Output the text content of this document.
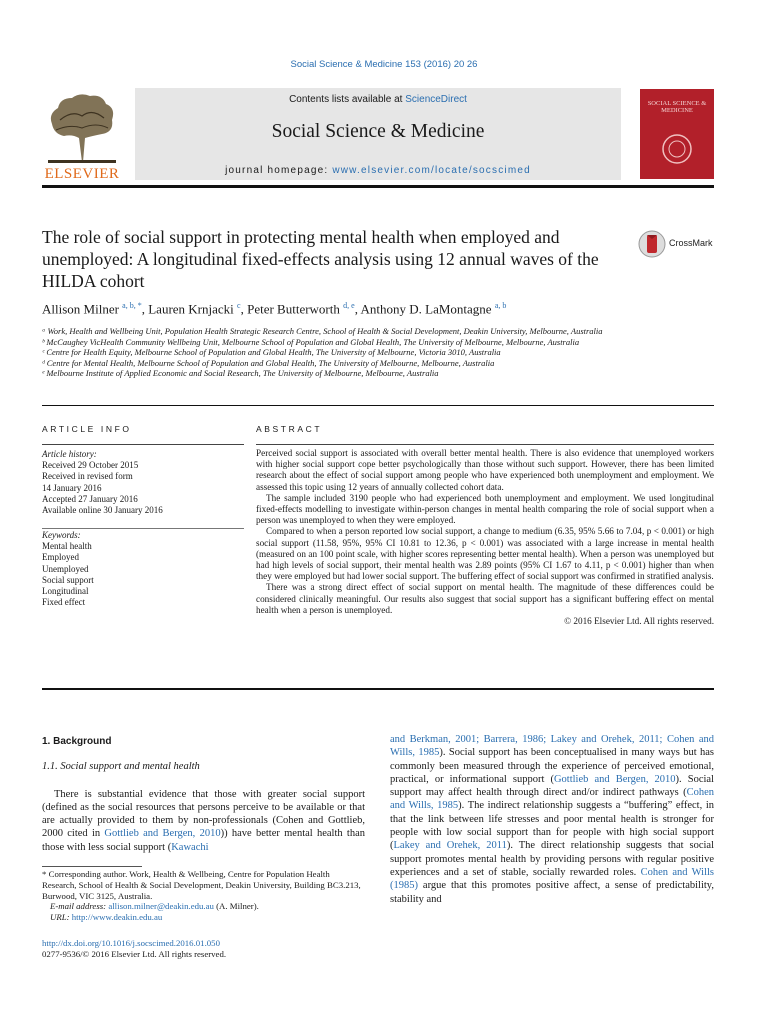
Social Science & Medicine 153 (2016) 20 26
ELSEVIER
Contents lists available at ScienceDirect
Social Science & Medicine
journal homepage: www.elsevier.com/locate/socscimed
SOCIAL SCIENCE & MEDICINE
The role of social support in protecting mental health when employed and unemployed: A longitudinal fixed-effects analysis using 12 annual waves of the HILDA cohort
CrossMark
Allison Milner $^{a, b, *}$, Lauren Krnjacki $^c$, Peter Butterworth $^{d, e}$, Anthony D. LaMontagne $^{a, b}$
ᵃ Work, Health and Wellbeing Unit, Population Health Strategic Research Centre, School of Health & Social Development, Deakin University, Melbourne, Australia
ᵇ McCaughey VicHealth Community Wellbeing Unit, Melbourne School of Population and Global Health, The University of Melbourne, Melbourne, Australia
ᶜ Centre for Health Equity, Melbourne School of Population and Global Health, The University of Melbourne, Victoria 3010, Australia
ᵈ Centre for Mental Health, Melbourne School of Population and Global Health, The University of Melbourne, Melbourne, Australia
ᵉ Melbourne Institute of Applied Economic and Social Research, The University of Melbourne, Melbourne, Australia
ARTICLE INFO	ABSTRACT
Article history:
Received 29 October 2015
Received in revised form
14 January 2016
Accepted 27 January 2016
Available online 30 January 2016
Keywords:
Mental health
Employed
Unemployed
Social support
Longitudinal
Fixed effect

Perceived social support is associated with overall better mental health. There is also evidence that unemployed workers with higher social support cope better psychologically than those without such support. However, there has been limited research about the effect of social support among people who have experienced both unemployment and employment. We assessed this topic using 12 years of annually collected cohort data.

The sample included 3190 people who had experienced both unemployment and employment. We used longitudinal fixed-effects modelling to investigate within-person changes in mental health comparing the role of social support when a person was unemployed to when they were employed.

Compared to when a person reported low social support, a change to medium (6.35, 95% 5.66 to 7.04, p < 0.001) or high social support (11.58, 95%, 95% CI 10.81 to 12.36, p < 0.001) was associated with a large increase in mental health (measured on an 100 point scale, with higher scores representing better mental health). When a person was unemployed but had high levels of social support, their mental health was 2.89 points (95% CI 1.67 to 4.11, p < 0.001) higher than when they were employed but had lower social support. The buffering effect of social support was confirmed in stratified analysis.

There was a strong direct effect of social support on mental health. The magnitude of these differences could be considered clinically meaningful. Our results also suggest that social support has a significant buffering effect on mental health when a person is unemployed.

© 2016 Elsevier Ltd. All rights reserved.

1. Background
1.1. Social support and mental health
There is substantial evidence that those with greater social support (defined as the social resources that persons perceive to be available or that are actually provided to them by non-professionals (Cohen and Gottlieb, 2000 cited in Gottlieb and Bergen, 2010)) have better mental health than those with less social support (Kawachi
* Corresponding author. Work, Health & Wellbeing, Centre for Population Health Research, School of Health & Social Development, Deakin University, Building BC3.213, Burwood, VIC 3125, Australia.
E-mail address: allison.milner@deakin.edu.au (A. Milner).
URL: http://www.deakin.edu.au
http://dx.doi.org/10.1016/j.socscimed.2016.01.050
0277-9536/© 2016 Elsevier Ltd. All rights reserved.
and Berkman, 2001; Barrera, 1986; Lakey and Orehek, 2011; Cohen and Wills, 1985). Social support has been conceptualised in many ways but has commonly been measured through the experience of perceived emotional, practical, or informational support (Gottlieb and Bergen, 2010). Social support may affect health through direct and/or indirect pathways (Cohen and Wills, 1985). The indirect relationship suggests a “buffering” effect, in that the link between life stresses and poor mental health is stronger for people with low social support than for people with high social support (Lakey and Orehek, 2011). The direct relationship suggests that social support promotes mental health by providing persons with regular positive experiences and a set of stable, socially rewarded roles. Cohen and Wills (1985) argue that this promotes positive affect, a sense of predictability, stability and
